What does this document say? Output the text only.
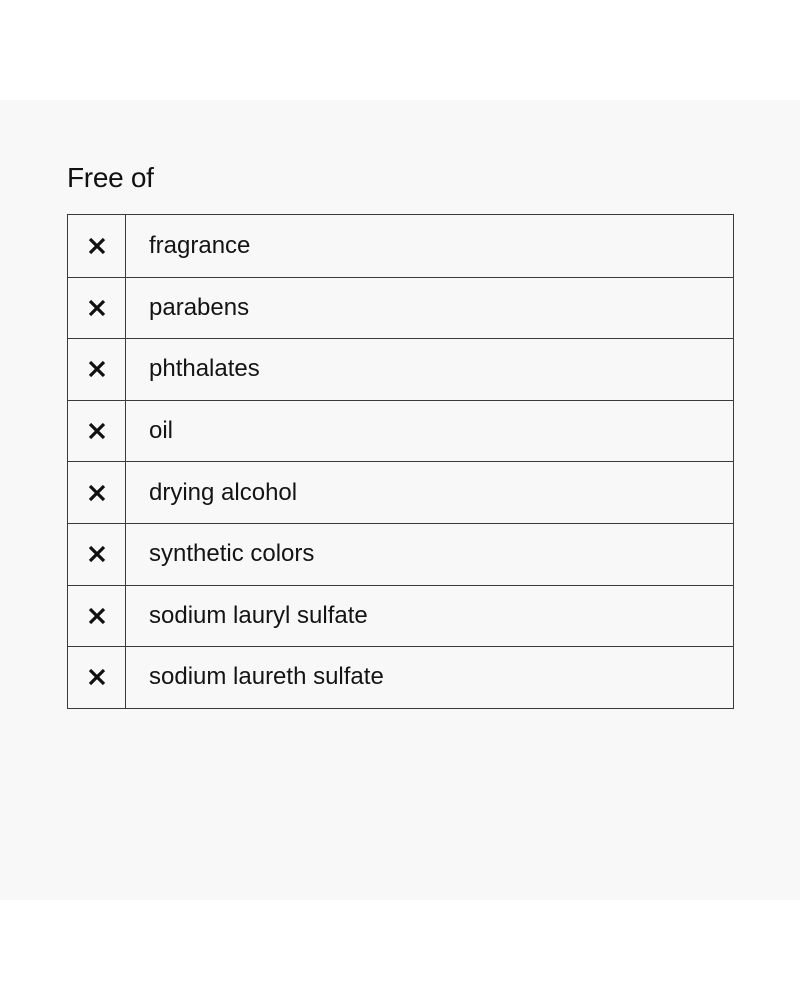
Free of
fragrance
parabens
phthalates
oil
drying alcohol
synthetic colors
sodium lauryl sulfate
sodium laureth sulfate
